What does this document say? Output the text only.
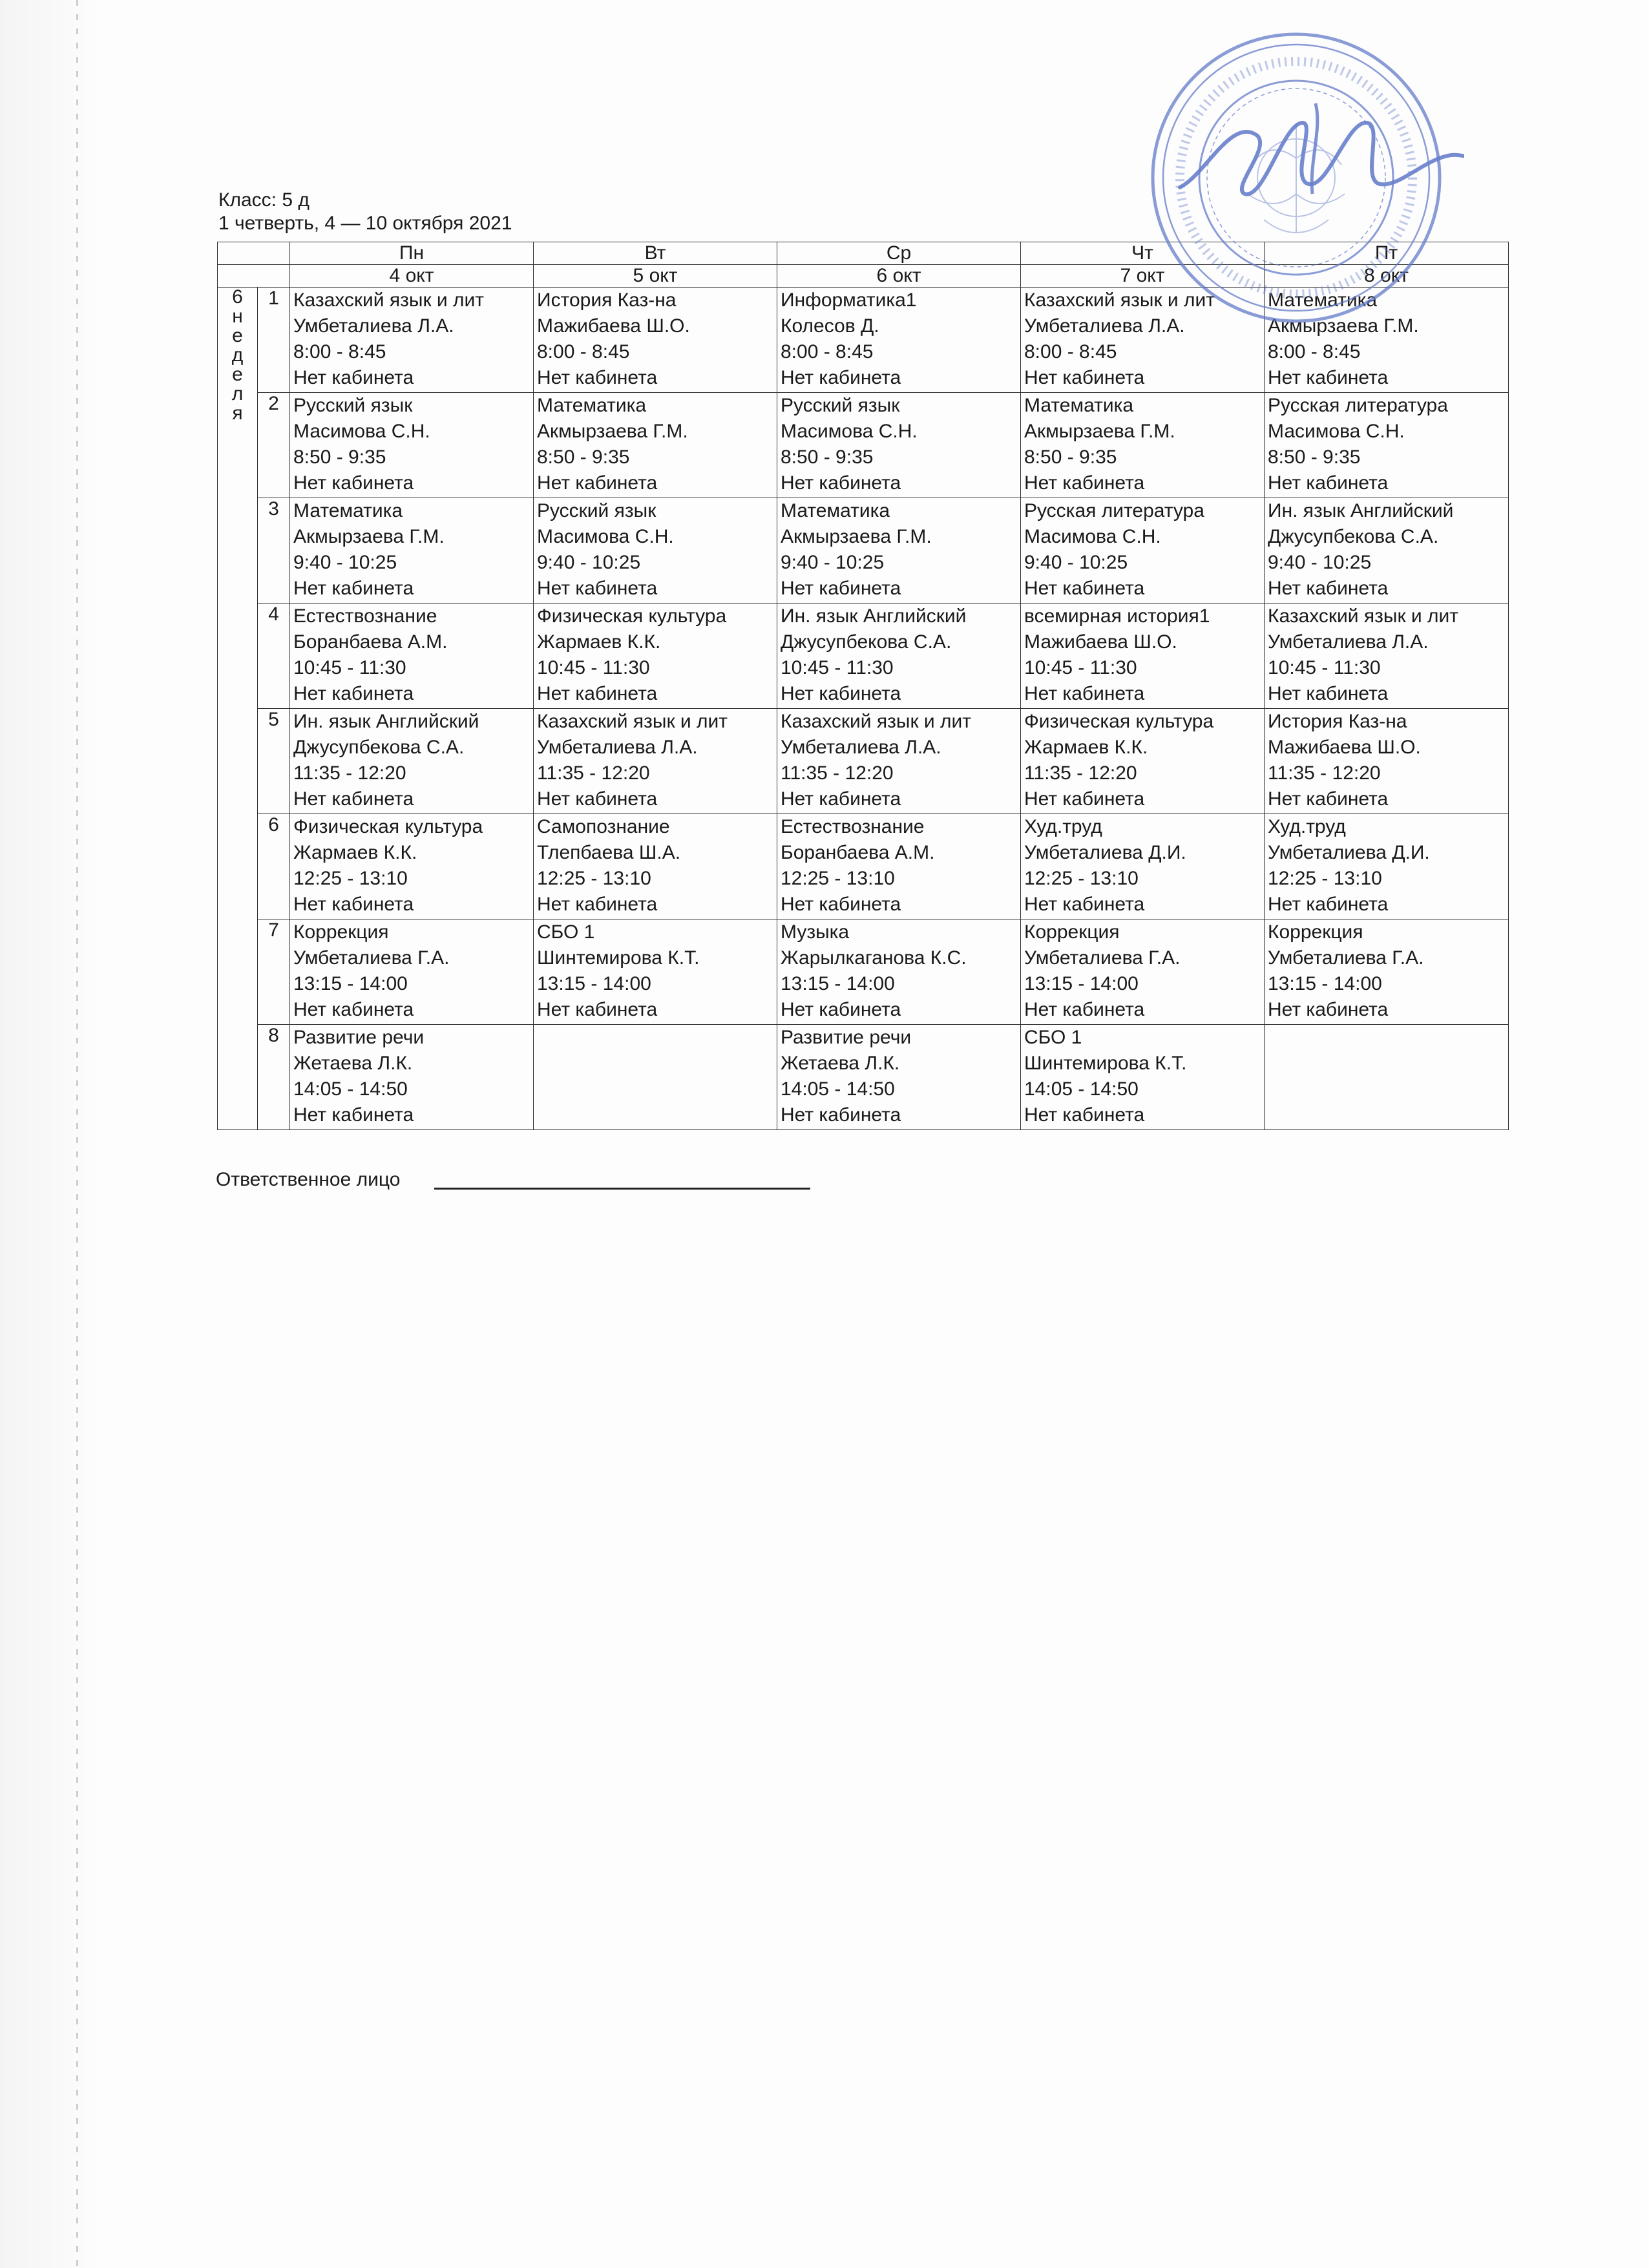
Класс: 5 д
1 четверть, 4 — 10 октября 2021
		Пн	Вт	Ср	Чт	Пт
		4 окт	5 окт	6 окт	7 окт	8 окт
6 неделя	1	Казахский язык и лит
Умбеталиева Л.А.
8:00 - 8:45
Нет кабинета	История Каз-на
Мажибаева Ш.О.
8:00 - 8:45
Нет кабинета	Информатика1
Колесов Д.
8:00 - 8:45
Нет кабинета	Казахский язык и лит
Умбеталиева Л.А.
8:00 - 8:45
Нет кабинета	Математика
Акмырзаева Г.М.
8:00 - 8:45
Нет кабинета

	2	Русский язык
Масимова С.Н.
8:50 - 9:35
Нет кабинета	Математика
Акмырзаева Г.М.
8:50 - 9:35
Нет кабинета	Русский язык
Масимова С.Н.
8:50 - 9:35
Нет кабинета	Математика
Акмырзаева Г.М.
8:50 - 9:35
Нет кабинета	Русская литература
Масимова С.Н.
8:50 - 9:35
Нет кабинета

	3	Математика
Акмырзаева Г.М.
9:40 - 10:25
Нет кабинета	Русский язык
Масимова С.Н.
9:40 - 10:25
Нет кабинета	Математика
Акмырзаева Г.М.
9:40 - 10:25
Нет кабинета	Русская литература
Масимова С.Н.
9:40 - 10:25
Нет кабинета	Ин. язык Английский
Джусупбекова С.А.
9:40 - 10:25
Нет кабинета

	4	Естествознание
Боранбаева А.М.
10:45 - 11:30
Нет кабинета	Физическая культура
Жармаев К.К.
10:45 - 11:30
Нет кабинета	Ин. язык Английский
Джусупбекова С.А.
10:45 - 11:30
Нет кабинета	всемирная история1
Мажибаева Ш.О.
10:45 - 11:30
Нет кабинета	Казахский язык и лит
Умбеталиева Л.А.
10:45 - 11:30
Нет кабинета

	5	Ин. язык Английский
Джусупбекова С.А.
11:35 - 12:20
Нет кабинета	Казахский язык и лит
Умбеталиева Л.А.
11:35 - 12:20
Нет кабинета	Казахский язык и лит
Умбеталиева Л.А.
11:35 - 12:20
Нет кабинета	Физическая культура
Жармаев К.К.
11:35 - 12:20
Нет кабинета	История Каз-на
Мажибаева Ш.О.
11:35 - 12:20
Нет кабинета

	6	Физическая культура
Жармаев К.К.
12:25 - 13:10
Нет кабинета	Самопознание
Тлепбаева Ш.А.
12:25 - 13:10
Нет кабинета	Естествознание
Боранбаева А.М.
12:25 - 13:10
Нет кабинета	Худ.труд
Умбеталиева Д.И.
12:25 - 13:10
Нет кабинета	Худ.труд
Умбеталиева Д.И.
12:25 - 13:10
Нет кабинета

	7	Коррекция
Умбеталиева Г.А.
13:15 - 14:00
Нет кабинета	СБО 1
Шинтемирова К.Т.
13:15 - 14:00
Нет кабинета	Музыка
Жарылкаганова К.С.
13:15 - 14:00
Нет кабинета	Коррекция
Умбеталиева Г.А.
13:15 - 14:00
Нет кабинета	Коррекция
Умбеталиева Г.А.
13:15 - 14:00
Нет кабинета

	8	Развитие речи
Жетаева Л.К.
14:05 - 14:50
Нет кабинета		Развитие речи
Жетаева Л.К.
14:05 - 14:50
Нет кабинета	СБО 1
Шинтемирова К.Т.
14:05 - 14:50
Нет кабинета	

Ответственное лицо
